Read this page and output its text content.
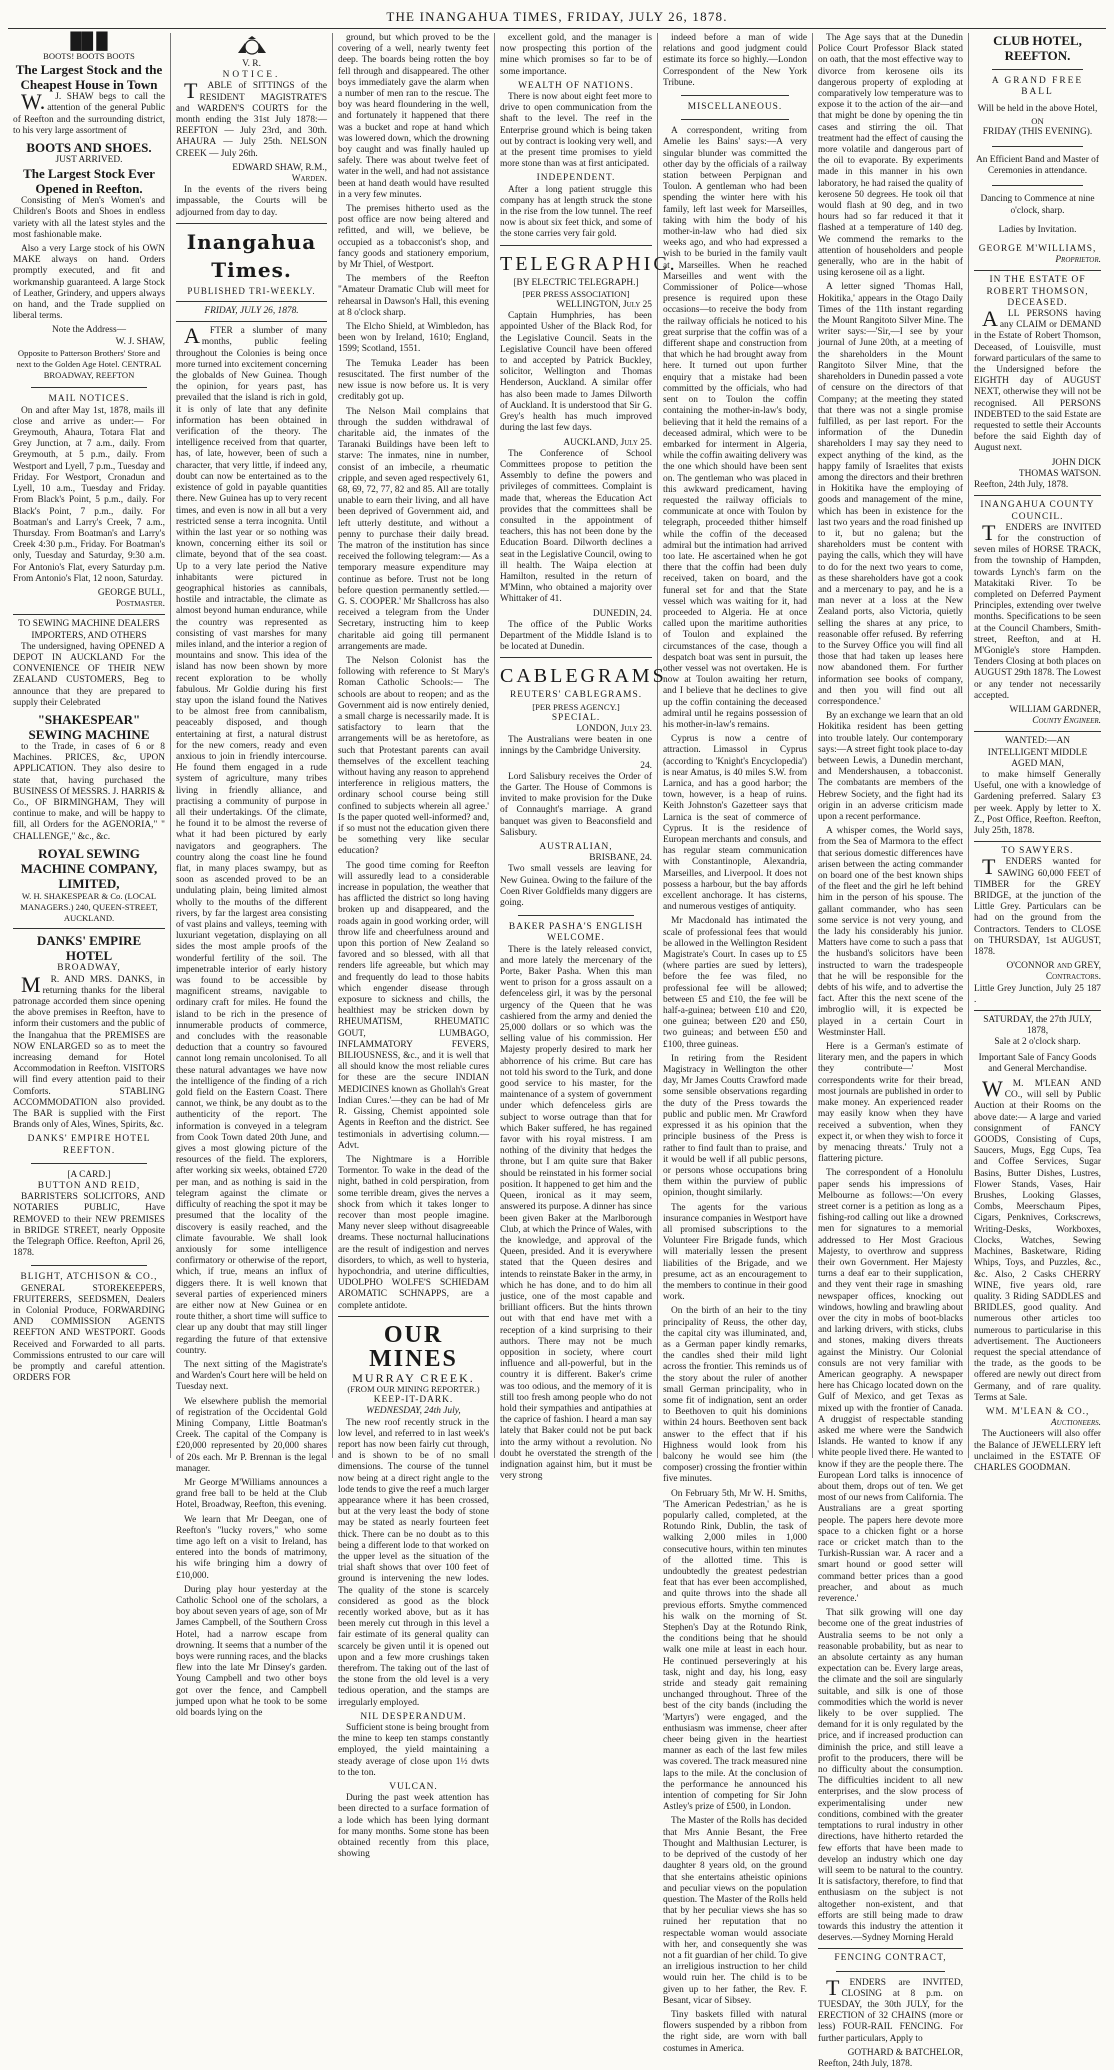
THE INANGAHUA TIMES, FRIDAY, JULY 26, 1878.
██ █
BOOTS! BOOTS BOOTS
The Largest Stock and the Cheapest House in Town

W.J. SHAW begs to call the attention of the general Public of Reefton and the surrounding district, to his very large assortment of

BOOTS AND SHOES.
JUST ARRIVED.
The Largest Stock Ever Opened in Reefton.

Consisting of Men's Women's and Children's Boots and Shoes in endless variety with all the latest styles and the most fashionable make.

Also a very Large stock of his OWN MAKE always on hand. Orders promptly executed, and fit and workmanship guaranteed. A large Stock of Leather, Grindery, and uppers always on hand, and the Trade supplied on liberal terms.

Note the Address—
W. J. SHAW,
Opposite to Patterson Brothers' Store and next to the Golden Age Hotel. CENTRAL BROADWAY, REEFTON
MAIL NOTICES.

On and after May 1st, 1878, mails ill close and arrive as under:— For Greymouth, Ahaura, Totara Flat and Grey Junction, at 7 a.m., daily. From Greymouth, at 5 p.m., daily. From Westport and Lyell, 7 p.m., Tuesday and Friday. For Westport, Cronadun and Lyell, 10 a.m., Tuesday and Friday. From Black's Point, 5 p.m., daily. For Black's Point, 7 p.m., daily. For Boatman's and Larry's Creek, 7 a.m., Thursday. From Boatman's and Larry's Creek 4:30 p.m., Friday. For Boatman's only, Tuesday and Saturday, 9:30 a.m. For Antonio's Flat, every Saturday p.m. From Antonio's Flat, 12 noon, Saturday.

GEORGE BULL,
Postmaster.
TO SEWING MACHINE DEALERS IMPORTERS, AND OTHERS

The undersigned, having OPENED A DEPOT IN AUCKLAND For the CONVENIENCE OF THEIR NEW ZEALAND CUSTOMERS, Beg to announce that they are prepared to supply their Celebrated

"SHAKESPEAR" SEWING MACHINE

to the Trade, in cases of 6 or 8 Machines. PRICES, &c, UPON APPLICATION. They also desire to state that, having purchased the BUSINESS Of MESSRS. J. HARRIS & Co., OF BIRMINGHAM, They will continue to make, and will be happy to fill, all Orders for the AGENORIA," " CHALLENGE," &c., &c.

ROYAL SEWING MACHINE COMPANY, LIMITED,
W. H. SHAKESPEAR & Co. (LOCAL MANAGERS.) 240, QUEEN-STREET, AUCKLAND.
DANKS' EMPIRE HOTEL
BROADWAY,

MR. AND MRS. DANKS, in returning thanks for the liberal patronage accorded them since opening the above premises in Reefton, have to inform their customers and the public of the Inangahua that the PREMISES are NOW ENLARGED so as to meet the increasing demand for Hotel Accommodation in Reefton. VISITORS will find every attention paid to their Comforts. STABLING ACCOMMODATION also provided. The BAR is supplied with the First Brands only of Ales, Wines, Spirits, &c.

DANKS' EMPIRE HOTEL
REEFTON.
[A CARD.]
BUTTON AND REID,

BARRISTERS SOLICITORS, AND NOTARIES PUBLIC, Have REMOVED to their NEW PREMISES in BRIDGE STREET, nearly Opposite the Telegraph Office. Reefton, April 26, 1878.

BLIGHT, ATCHISON & CO.,

GENERAL STOREKEEPERS, FRUITERERS, SEEDSMEN, Dealers in Colonial Produce, FORWARDING AND COMMISSION AGENTS REEFTON AND WESTPORT. Goods Received and Forwarded to all parts. Commissions entrusted to our care will be promptly and careful attention. ORDERS FOR

V. R.
NOTICE.

TABLE of SITTINGS of the RESIDENT MAGISTRATE'S and WARDEN'S COURTS for the month ending the 31st July 1878:— REEFTON — July 23rd, and 30th. AHAURA — July 25th. NELSON CREEK — July 26th.

EDWARD SHAW, R.M.,
Warden.

In the events of the rivers being impassable, the Courts will be adjourned from day to day.

Inangahua Times.
PUBLISHED TRI-WEEKLY.
FRIDAY, JULY 26, 1878.

AFTER a slumber of many months, public feeling throughout the Colonies is being once more turned into excitement concerning the globalds of New Guinea. Though the opinion, for years past, has prevailed that the island is rich in gold, it is only of late that any definite information has been obtained in verification of the theory. The intelligence received from that quarter, has, of late, however, been of such a character, that very little, if indeed any, doubt can now be entertained as to the existence of gold in payable quantities there. New Guinea has up to very recent times, and even is now in all but a very restricted sense a terra incognita. Until within the last year or so nothing was known, concerning either its soil or climate, beyond that of the sea coast. Up to a very late period the Native inhabitants were pictured in geographical histories as cannibals, hostile and intractable, the climate as almost beyond human endurance, while the country was represented as consisting of vast marshes for many miles inland, and the interior a region of mountains and snow. This idea of the island has now been shown by more recent exploration to be wholly fabulous. Mr Goldie during his first stay upon the island found the Natives to be almost free from cannibalism, peaceably disposed, and though entertaining at first, a natural distrust for the new comers, ready and even anxious to join in friendly intercourse. He found them engaged in a rude system of agriculture, many tribes living in friendly alliance, and practising a community of purpose in all their undertakings. Of the climate, he found it to be almost the reverse of what it had been pictured by early navigators and geographers. The country along the coast line he found flat, in many places swampy, but as soon as ascended proved to be an undulating plain, being limited almost wholly to the mouths of the different rivers, by far the largest area consisting of vast plains and valleys, teeming with luxuriant vegetation, displaying on all sides the most ample proofs of the wonderful fertility of the soil. The impenetrable interior of early history was found to be accessible by magnificent streams, navigable to ordinary craft for miles. He found the island to be rich in the presence of innumerable products of commerce, and concludes with the reasonable deduction that a country so favoured cannot long remain uncolonised. To all these natural advantages we have now the intelligence of the finding of a rich gold field on the Eastern Coast. There cannot, we think, be any doubt as to the authenticity of the report. The information is conveyed in a telegram from Cook Town dated 20th June, and gives a most glowing picture of the resources of the field. The explorers, after working six weeks, obtained £720 per man, and as nothing is said in the telegram against the climate or difficulty of reaching the spot it may be presumed that the locality of the discovery is easily reached, and the climate favourable. We shall look anxiously for some intelligence confirmatory or otherwise of the report, which, if true, means an influx of diggers there. It is well known that several parties of experienced miners are either now at New Guinea or en route thither, a short time will suffice to clear up any doubt that may still linger regarding the future of that extensive country.

The next sitting of the Magistrate's and Warden's Court here will be held on Tuesday next.

We elsewhere publish the memorial of registration of the Occidental Gold Mining Company, Little Boatman's Creek. The capital of the Company is £20,000 represented by 20,000 shares of 20s each. Mr P. Brennan is the legal manager.

Mr George M'Williams announces a grand free ball to be held at the Club Hotel, Broadway, Reefton, this evening.

We learn that Mr Deegan, one of Reefton's "lucky rovers," who some time ago left on a visit to Ireland, has entered into the bonds of matrimony, his wife bringing him a dowry of £10,000.

During play hour yesterday at the Catholic School one of the scholars, a boy about seven years of age, son of Mr James Campbell, of the Southern Cross Hotel, had a narrow escape from drowning. It seems that a number of the boys were running races, and the blacks flew into the late Mr Dinsey's garden. Young Campbell and two other boys got over the fence, and Campbell jumped upon what he took to be some old boards lying on the

ground, but which proved to be the covering of a well, nearly twenty feet deep. The boards being rotten the boy fell through and disappeared. The other boys immediately gave the alarm when a number of men ran to the rescue. The boy was heard floundering in the well, and fortunately it happened that there was a bucket and rope at hand which was lowered down, which the drowning boy caught and was finally hauled up safely. There was about twelve feet of water in the well, and had not assistance been at hand death would have resulted in a very few minutes.

The premises hitherto used as the post office are now being altered and refitted, and will, we believe, be occupied as a tobacconist's shop, and fancy goods and stationery emporium, by Mr Thiel, of Westport.

The members of the Reefton "Amateur Dramatic Club will meet for rehearsal in Dawson's Hall, this evening at 8 o'clock sharp.

The Elcho Shield, at Wimbledon, has been won by Ireland, 1610; England, 1599; Scotland, 1551.

The Temuka Leader has been resuscitated. The first number of the new issue is now before us. It is very creditably got up.

The Nelson Mail complains that through the sudden withdrawal of charitable aid, the inmates of the Taranaki Buildings have been left to starve: The inmates, nine in number, consist of an imbecile, a rheumatic cripple, and seven aged respectively 61, 68, 69, 72, 77, 82 and 85. All are totally unable to earn their living, and all have been deprived of Government aid, and left utterly destitute, and without a penny to purchase their daily bread. The matron of the institution has since received the following telegram:— As a temporary measure expenditure may continue as before. Trust not be long before question permanently settled.—G. S. COOPER.' Mr Shallcross has also received a telegram from the Under Secretary, instructing him to keep charitable aid going till permanent arrangements are made.

The Nelson Colonist has the following with reference to St Mary's Roman Catholic Schools:— The schools are about to reopen; and as the Government aid is now entirely denied, a small charge is necessarily made. It is satisfactory to learn that the arrangements will be as heretofore, as such that Protestant parents can avail themselves of the excellent teaching without having any reason to apprehend interference in religious matters, the ordinary school course being still confined to subjects wherein all agree.' Is the paper quoted well-informed? and, if so must not the education given there be something very like secular education?

The good time coming for Reefton will assuredly lead to a considerable increase in population, the weather that has afflicted the district so long having broken up and disappeared, and the roads again in good working order, will throw life and cheerfulness around and upon this portion of New Zealand so favored and so blessed, with all that renders life agreeable, but which may and frequently do lead to those habits which engender disease through exposure to sickness and chills, the healthiest may be stricken down by RHEUMATISM, RHEUMATIC GOUT, LUMBAGO, INFLAMMATORY FEVERS, BILIOUSNESS, &c., and it is well that all should know the most reliable cures for these are the secure INDIAN MEDICINES known as Ghollah's Great Indian Cures.'—they can be had of Mr R. Gissing, Chemist appointed sole Agents in Reefton and the district. See testimonials in advertising column.—Advt.

The Nightmare is a Horrible Tormentor. To wake in the dead of the night, bathed in cold perspiration, from some terrible dream, gives the nerves a shock from which it takes longer to recover than most people imagine. Many never sleep without disagreeable dreams. These nocturnal hallucinations are the result of indigestion and nerves disorders, to which, as well to hysteria, hypochondria, and uterine difficulties, UDOLPHO WOLFE'S SCHIEDAM AROMATIC SCHNAPPS, are a complete antidote.

OUR MINES
MURRAY CREEK.
(FROM OUR MINING REPORTER.)
KEEP-IT-DARK.
WEDNESDAY, 24th July,

The new roof recently struck in the low level, and referred to in last week's report has now been fairly cut through, and is shown to be of no small dimensions. The course of the tunnel now being at a direct right angle to the lode tends to give the reef a much larger appearance where it has been crossed, but at the very least the body of stone may be stated as nearly fourteen feet thick. There can be no doubt as to this being a different lode to that worked on the upper level as the situation of the trial shaft shows that over 100 feet of ground is intervening the new lodes. The quality of the stone is scarcely considered as good as the block recently worked above, but as it has been merely cut through in this level a fair estimate of its general quality can scarcely be given until it is opened out upon and a few more crushings taken therefrom. The taking out of the last of the stone from the old level is a very tedious operation, and the stamps are irregularly employed.

NIL DESPERANDUM.

Sufficient stone is being brought from the mine to keep ten stamps constantly employed, the yield maintaining a steady average of close upon 1½ dwts to the ton.

VULCAN.

During the past week attention has been directed to a surface formation of a lode which has been lying dormant for many months. Some stone has been obtained recently from this place, showing

excellent gold, and the manager is now prospecting this portion of the mine which promises so far to be of some importance.

WEALTH OF NATIONS.

There is now about eight feet more to drive to open communication from the shaft to the level. The reef in the Enterprise ground which is being taken out by contract is looking very well, and at the present time promises to yield more stone than was at first anticipated.

INDEPENDENT.

After a long patient struggle this company has at length struck the stone in the rise from the low tunnel. The reef now is about six feet thick, and some of the stone carries very fair gold.

TELEGRAPHIC.
[BY ELECTRIC TELEGRAPH.]
[PER PRESS ASSOCIATION]
WELLINGTON, July 25

Captain Humphries, has been appointed Usher of the Black Rod, for the Legislative Council. Seats in the Legislative Council have been offered to and accepted by Patrick Buckley, solicitor, Wellington and Thomas Henderson, Auckland. A similar offer has also been made to James Dilworth of Auckland. It is understood that Sir G. Grey's health has much improved during the last few days.

AUCKLAND, July 25.

The Conference of School Committees propose to petition the Assembly to define the powers and privileges of committees. Complaint is made that, whereas the Education Act provides that the committees shall be consulted in the appointment of teachers, this has not been done by the Education Board. Dilworth declines a seat in the Legislative Council, owing to ill health. The Waipa election at Hamilton, resulted in the return of M'Minn, who obtained a majority over Whittaker of 41.

DUNEDIN, 24.

The office of the Public Works Department of the Middle Island is to be located at Dunedin.

CABLEGRAMS
REUTERS' CABLEGRAMS.
[PER PRESS AGENCY.]
SPECIAL.
LONDON, July 23.

The Australians were beaten in one innings by the Cambridge University.

24.

Lord Salisbury receives the Order of the Garter. The House of Commons is invited to make provision for the Duke of Connaught's marriage. A grand banquet was given to Beaconsfield and Salisbury.

AUSTRALIAN,
BRISBANE, 24.

Two small vessels are leaving for New Guinea. Owing to the failure of the Coen River Goldfields many diggers are going.

BAKER PASHA'S ENGLISH WELCOME.

There is the lately released convict, and more lately the mercenary of the Porte, Baker Pasha. When this man went to prison for a gross assault on a defenceless girl, it was by the personal urgency of the Queen that he was cashiered from the army and denied the 25,000 dollars or so which was the selling value of his commission. Her Majesty properly desired to mark her abhorrence of his crime. But care has not told his sword to the Turk, and done good service to his master, for the maintenance of a system of government under which defenceless girls are subject to worse outrage than that for which Baker suffered, he has regained favor with his royal mistress. I am nothing of the divinity that hedges the throne, but I am quite sure that Baker should be reinstated in his former social position. It happened to get him and the Queen, ironical as it may seem, answered its purpose. A dinner has since been given Baker at the Marlborough Club, at which the Prince of Wales, with the knowledge, and approval of the Queen, presided. And it is everywhere stated that the Queen desires and intends to reinstate Baker in the army, in which he has done, and to do him all justice, one of the most capable and brilliant officers. But the hints thrown out with that end have met with a reception of a kind surprising to their authors. There may not be much opposition in society, where court influence and all-powerful, but in the country it is different. Baker's crime was too odious, and the memory of it is still too fresh among people who do not hold their sympathies and antipathies at the caprice of fashion. I heard a man say lately that Baker could not be put back into the army without a revolution. No doubt he overstated the strength of the indignation against him, but it must be very strong

indeed before a man of wide relations and good judgment could estimate its force so highly.—London Correspondent of the New York Tribune.

MISCELLANEOUS.

A correspondent, writing from Amelie les Bains' says:—A very singular blunder was committed the other day by the officials of a railway station between Perpignan and Toulon. A gentleman who had been spending the winter here with his family, left last week for Marseilles, taking with him the body of his mother-in-law who had died six weeks ago, and who had expressed a wish to be buried in the family vault at Marseilles. When he reached Marseilles and went with the Commissioner of Police—whose presence is required upon these occasions—to receive the body from the railway officials he noticed to his great surprise that the coffin was of a different shape and construction from that which he had brought away from here. It turned out upon further enquiry that a mistake had been committed by the officials, who had sent on to Toulon the coffin containing the mother-in-law's body, believing that it held the remains of a deceased admiral, which were to be embarked for interment in Algeria, while the coffin awaiting delivery was the one which should have been sent on. The gentleman who was placed in this awkward predicament, having requested the railway officials to communicate at once with Toulon by telegraph, proceeded thither himself while the coffin of the deceased admiral but the intimation had arrived too late. He ascertained when he got there that the coffin had been duly received, taken on board, and the funeral set for and that the State vessel which was waiting for it, had proceeded to Algeria. He at once called upon the maritime authorities of Toulon and explained the circumstances of the case, though a despatch boat was sent in pursuit, the other vessel was not overtaken. He is now at Toulon awaiting her return, and I believe that he declines to give up the coffin containing the deceased admiral until he regains possession of his mother-in-law's remains.

Cyprus is now a centre of attraction. Limassol in Cyprus (according to 'Knight's Encyclopedia') is near Amatus, is 40 miles S.W. from Larnica, and has a good harbor; the town, however, is a heap of ruins. Keith Johnston's Gazetteer says that Larnica is the seat of commerce of Cyprus. It is the residence of European merchants and consuls, and has regular steam communication with Constantinople, Alexandria, Marseilles, and Liverpool. It does not possess a harbour, but the bay affords excellent anchorage. It has cisterns, and numerous vestiges of antiquity.

Mr Macdonald has intimated the scale of professional fees that would be allowed in the Wellington Resident Magistrate's Court. In cases up to £5 (where parties are sued by letters), before the fee was filed, no professional fee will be allowed; between £5 and £10, the fee will be half-a-guinea; between £10 and £20, one guinea; between £20 and £50, two guineas; and between £50 and £100, three guineas.

In retiring from the Resident Magistracy in Wellington the other day, Mr James Coutts Crawford made some sensible observations regarding the duty of the Press towards the public and public men. Mr Crawford expressed it as his opinion that the principle business of the Press is rather to find fault than to praise, and it would be well if all public persons, or persons whose occupations bring them within the purview of public opinion, thought similarly.

The agents for the various insurance companies in Westport have all promised subscriptions to the Volunteer Fire Brigade funds, which will materially lessen the present liabilities of the Brigade, and we presume, act as an encouragement to the members to continue in their good work.

On the birth of an heir to the tiny principality of Reuss, the other day, the capital city was illuminated, and, as a German paper kindly remarks, the candles shed their mild light across the frontier. This reminds us of the story about the ruler of another small German principality, who in some fit of indignation, sent an order to Beethoven to quit his dominions within 24 hours. Beethoven sent back answer to the effect that if his Highness would look from his balcony he would see him (the composer) crossing the frontier within five minutes.

On February 5th, Mr W. H. Smiths, 'The American Pedestrian,' as he is popularly called, completed, at the Rotundo Rink, Dublin, the task of walking 2,000 miles in 1,000 consecutive hours, within ten minutes of the allotted time. This is undoubtedly the greatest pedestrian feat that has ever been accomplished, and quite throws into the shade all previous efforts. Smythe commenced his walk on the morning of St. Stephen's Day at the Rotundo Rink, the conditions being that he should walk one mile at least in each hour. He continued perseveringly at his task, night and day, his long, easy stride and steady gait remaining unchanged throughout. Three of the best of the city bands (including the 'Martyrs') were engaged, and the enthusiasm was immense, cheer after cheer being given in the heartiest manner as each of the last few miles was covered. The track measured nine laps to the mile. At the conclusion of the performance he announced his intention of competing for Sir John Astley's prize of £500, in London.

The Master of the Rolls has decided that Mrs Annie Besant, the Free Thought and Malthusian Lecturer, is to be deprived of the custody of her daughter 8 years old, on the ground that she entertains atheistic opinions and peculiar views on the population question. The Master of the Rolls held that by her peculiar views she has so ruined her reputation that no respectable woman would associate with her, and consequently she was not a fit guardian of her child. To give an irreligious instruction to her child would ruin her. The child is to be given up to her father, the Rev. F. Besant, vicar of Sibsey.

Tiny baskets filled with natural flowers suspended by a ribbon from the right side, are worn with ball costumes in America.

The Age says that at the Dunedin Police Court Professor Black stated on oath, that the most effective way to divorce from kerosene oils its dangerous property of exploding at comparatively low temperature was to expose it to the action of the air—and that might be done by opening the tin cases and stirring the oil. That treatment had the effect of causing the more volatile and dangerous part of the oil to evaporate. By experiments made in this manner in his own laboratory, he had raised the quality of kerosene 50 degrees. He took oil that would flash at 90 deg, and in two hours had so far reduced it that it flashed at a temperature of 140 deg. We commend the remarks to the attention of householders and people generally, who are in the habit of using kerosene oil as a light.

A letter signed 'Thomas Hall, Hokitika,' appears in the Otago Daily Times of the 11th instant regarding the Mount Rangitoto Silver Mine. The writer says:—'Sir,—I see by your journal of June 20th, at a meeting of the shareholders in the Mount Rangitoto Silver Mine, that the shareholders in Dunedin passed a vote of censure on the directors of that Company; at the meeting they stated that there was not a single promise fulfilled, as per last report. For the information of the Dunedin shareholders I may say they need to expect anything of the kind, as the happy family of Israelites that exists among the directors and their brethren in Hokitika have the employing of goods and management of the mine, which has been in existence for the last two years and the road finished up to it, but no galena; but the shareholders must be content with paying the calls, which they will have to do for the next two years to come, as these shareholders have got a cook and a mercenary to pay, and he is a man never at a loss at the New Zealand ports, also Victoria, quietly selling the shares at any price, to reasonable offer refused. By referring to the Survey Office you will find all those that had taken up leases here now abandoned them. For further information see books of company, and then you will find out all correspondence.'

By an exchange we learn that an old Hokitika resident has been getting into trouble lately. Our contemporary says:—A street fight took place to-day between Lewis, a Dunedin merchant, and Mendershausen, a tobacconist. The combatants are members of the Hebrew Society, and the fight had its origin in an adverse criticism made upon a recent performance.

A whisper comes, the World says, from the Sea of Marmora to the effect that serious domestic differences have arisen between the acting commander on board one of the best known ships of the fleet and the girl he left behind him in the person of his spouse. The gallant commander, who has seen some service is not very young, and the lady his considerably his junior. Matters have come to such a pass that the husband's solicitors have been instructed to warn the tradespeople that he will be responsible for the debts of his wife, and to advertise the fact. After this the next scene of the imbroglio will, it is expected be played in a certain Court in Westminster Hall.

Here is a German's estimate of literary men, and the papers in which they contribute—' Most correspondents write for their bread, most journals are published in order to make money. An experienced reader may easily know when they have received a subvention, when they expect it, or when they wish to force it by menacing threats.' Truly not a flattering picture.

The correspondent of a Honolulu paper sends his impressions of Melbourne as follows:—'On every street corner is a petition as long as a fishing-rod calling out like a drowned men for signatures to a memorial addressed to Her Most Gracious Majesty, to overthrow and suppress their own Government. Her Majesty turns a deaf ear to their supplication, and they vent their rage in smashing newspaper offices, knocking out windows, howling and brawling about over the city in mobs of boot-blacks and larking drivers, with sticks, clubs and stones, making divers threats against the Ministry. Our Colonial consuls are not very familiar with American geography. A newspaper here has Chicago located down on the Gulf of Mexico, and get Texas as mixed up with the frontier of Canada. A druggist of respectable standing asked me where were the Sandwich Islands. He wanted to know if any white people lived there. He wanted to know if they are the people there. The European Lord talks is innocence of about them, drops out of ten. We get most of our news from California. The Australians are a great sporting people. The papers here devote more space to a chicken fight or a horse race or cricket match than to the Turkish-Russian war. A racer and a smart hound or good setter will command better prices than a good preacher, and about as much reverence.'

That silk growing will one day become one of the great industries of Australia seems to be not only a reasonable probability, but as near to an absolute certainty as any human expectation can be. Every large areas, the climate and the soil are singularly suitable, and silk is one of those commodities which the world is never likely to be over supplied. The demand for it is only regulated by the price, and if increased production can diminish the price, and still leave a profit to the producers, there will be no difficulty about the consumption. The difficulties incident to all new enterprises, and the slow process of experimentalising under new conditions, combined with the greater temptations to rural industry in other directions, have hitherto retarded the few efforts that have been made to develop an industry which one day will seem to be natural to the country. It is satisfactory, therefore, to find that enthusiasm on the subject is not altogether non-existent, and that efforts are still being made to draw towards this industry the attention it deserves.—Sydney Morning Herald

FENCING CONTRACT,

TENDERS are INVITED, CLOSING at 8 p.m. on TUESDAY, the 30th JULY, for the ERECTION of 32 CHAINS (more or less) FOUR-RAIL FENCING. For further particulars, Apply to

GOTHARD & BATCHELOR,
Reefton, 24th July, 1878.
CLUB HOTEL, REEFTON.
A GRAND FREE BALL
Will be held in the above Hotel,
ON
FRIDAY (THIS EVENING).
An Efficient Band and Master of Ceremonies in attendance.
Dancing to Commence at nine o'clock, sharp.
Ladies by Invitation.
GEORGE M'WILLIAMS,
Proprietor.
IN THE ESTATE OF ROBERT THOMSON, DECEASED.

ALL PERSONS having any CLAIM or DEMAND in the Estate of Robert Thomson, Deceased, of Louisville, must forward particulars of the same to the Undersigned before the EIGHTH day of AUGUST NEXT, otherwise they will not be recognised. All PERSONS INDEBTED to the said Estate are requested to settle their Accounts before the said Eighth day of August next.

JOHN DICK
THOMAS WATSON.
Reefton, 24th July, 1878.
INANGAHUA COUNTY COUNCIL.

TENDERS are INVITED for the construction of seven miles of HORSE TRACK, from the township of Hampden, towards Lynch's farm on the Matakitaki River. To be completed on Deferred Payment Principles, extending over twelve months. Specifications to be seen at the Council Chambers, Smith-street, Reefton, and at H. M'Gonigle's store Hampden. Tenders Closing at both places on AUGUST 29th 1878. The Lowest or any tender not necessarily accepted.

WILLIAM GARDNER,
County Engineer.
WANTED:—AN INTELLIGENT MIDDLE AGED MAN,

to make himself Generally Useful, one with a knowledge of Gardening preferred. Salary £3 per week. Apply by letter to X. Z., Post Office, Reefton. Reefton, July 25th, 1878.

TO SAWYERS.

TENDERS wanted for SAWING 60,000 FEET of TIMBER for the GREY BRIDGE, at the junction of the Little Grey. Particulars can be had on the ground from the Contractors. Tenders to CLOSE on THURSDAY, 1st AUGUST, 1878.

O'CONNOR and GREY,
Contractors.
Little Grey Junction, July 25 187 .
SATURDAY, the 27th JULY, 1878,
Sale at 2 o'clock sharp.
Important Sale of Fancy Goods and General Merchandise.

WM. M'LEAN AND CO., will sell by Public Auction at their Rooms on the above date:— A large and varied consignment of FANCY GOODS, Consisting of Cups, Saucers, Mugs, Egg Cups, Tea and Coffee Services, Sugar Basins, Butter Dishes, Lustres, Flower Stands, Vases, Hair Brushes, Looking Glasses, Combs, Meerschaum Pipes, Cigars, Penknives, Corkscrews, Writing-Desks, Workboxes, Clocks, Watches, Sewing Machines, Basketware, Riding Whips, Toys, and Puzzles, &c., &c. Also, 2 Casks CHERRY WINE, five years old, rare quality. 3 Riding SADDLES and BRIDLES, good quality. And numerous other articles too numerous to particularise in this advertisement. The Auctioneers request the special attendance of the trade, as the goods to be offered are newly out direct from Germany, and of rare quality. Terms at Sale.

WM. M'LEAN & CO.,
Auctioneers.

The Auctioneers will also offer the Balance of JEWELLERY left unclaimed in the ESTATE OF CHARLES GOODMAN.
